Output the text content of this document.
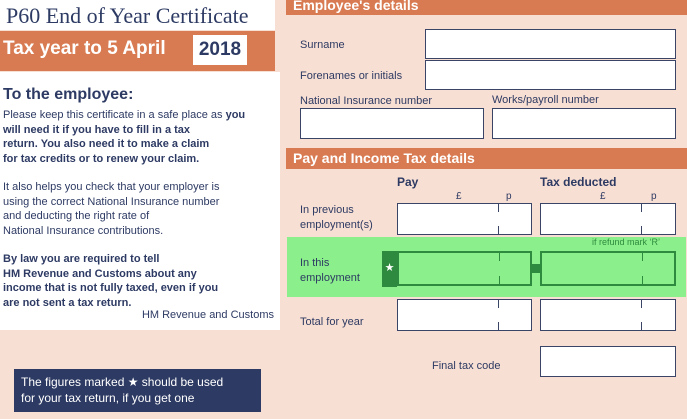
P60 End of Year Certificate
Tax year to 5 April	2018
To the employee:
Please keep this certificate in a safe place as you
will need it if you have to fill in a tax
return. You also need it to make a claim
for tax credits or to renew your claim.
It also helps you check that your employer is
using the correct National Insurance number
and deducting the right rate of
National Insurance contributions.
By law you are required to tell
HM Revenue and Customs about any
income that is not fully taxed, even if you
are not sent a tax return.
HM Revenue and Customs
The figures marked ★ should be used
for your tax return, if you get one
Employee's details
Surname
Forenames or initials
National Insurance number	Works/payroll number
Pay and Income Tax details
Pay	Tax deducted
£	p	£	p
In previous
employment(s)
if refund mark ‘R’
In this
employment
★
Total for year
Final tax code
